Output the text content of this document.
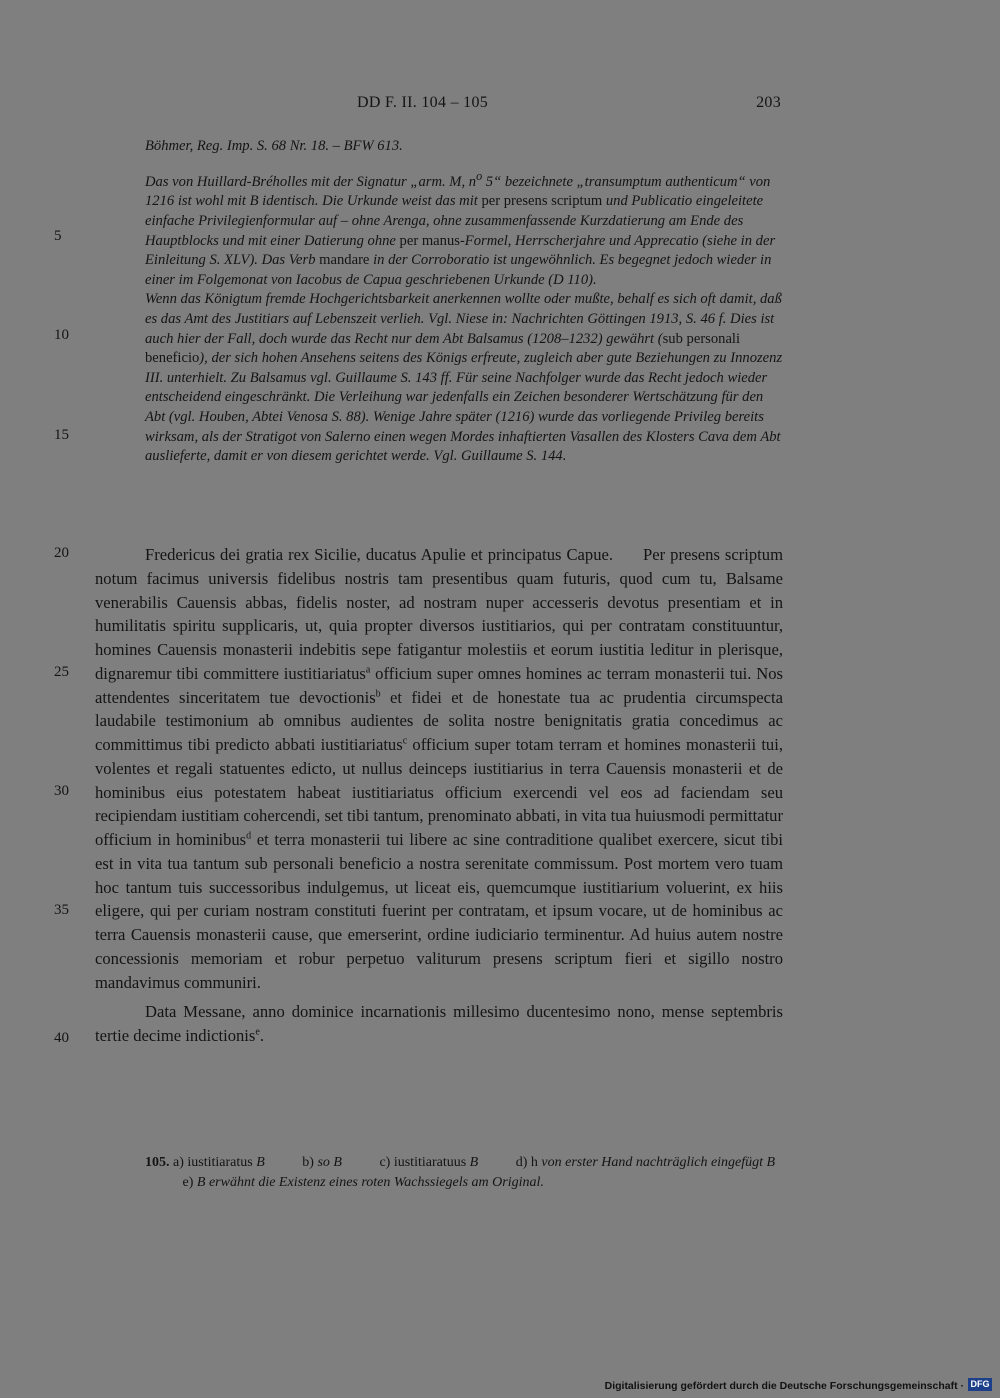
DD F. II. 104 – 105	203
Böhmer, Reg. Imp. S. 68 Nr. 18. – BFW 613.

Das von Huillard-Bréholles mit der Signatur „arm. M, $n^o$ 5“ bezeichnete „transumptum authenticum“ von 1216 ist wohl mit B identisch. Die Urkunde weist das mit per presens scriptum und Publicatio eingeleitete einfache Privilegienformular auf – ohne Arenga, ohne zusammenfassende Kurzdatierung am Ende des Hauptblocks und mit einer Datierung ohne per manus-Formel, Herrscherjahre und Apprecatio (siehe in der Einleitung S. XLV). Das Verb mandare in der Corroboratio ist ungewöhnlich. Es begegnet jedoch wieder in einer im Folgemonat von Iacobus de Capua geschriebenen Urkunde (D 110).

Wenn das Königtum fremde Hochgerichtsbarkeit anerkennen wollte oder mußte, behalf es sich oft damit, daß es das Amt des Justitiars auf Lebenszeit verlieh. Vgl. Niese in: Nachrichten Göttingen 1913, S. 46 f. Dies ist auch hier der Fall, doch wurde das Recht nur dem Abt Balsamus (1208–1232) gewährt (sub personali beneficio), der sich hohen Ansehens seitens des Königs erfreute, zugleich aber gute Beziehungen zu Innozenz III. unterhielt. Zu Balsamus vgl. Guillaume S. 143 ff. Für seine Nachfolger wurde das Recht jedoch wieder entscheidend eingeschränkt. Die Verleihung war jedenfalls ein Zeichen besonderer Wertschätzung für den Abt (vgl. Houben, Abtei Venosa S. 88). Wenige Jahre später (1216) wurde das vorliegende Privileg bereits wirksam, als der Stratigot von Salerno einen wegen Mordes inhaftierten Vasallen des Klosters Cava dem Abt auslieferte, damit er von diesem gerichtet werde. Vgl. Guillaume S. 144.

5
10
15
20
25
30
35
40

Fredericus dei gratia rex Sicilie, ducatus Apulie et principatus Capue.      Per presens scriptum notum facimus universis fidelibus nostris tam presentibus quam futuris, quod cum tu, Balsame venerabilis Cauensis abbas, fidelis noster, ad nostram nuper accesseris devotus presentiam et in humilitatis spiritu supplicaris, ut, quia propter diversos iustitiarios, qui per contratam constituuntur, homines Cauensis monasterii indebitis sepe fatigantur molestiis et eorum iustitia leditur in plerisque, dignaremur tibi committere iustitiariatus$^a$ officium super omnes homines ac terram monasterii tui. Nos attendentes sinceritatem tue devoctionis$^b$ et fidei et de honestate tua ac prudentia circumspecta laudabile testimonium ab omnibus audientes de solita nostre benignitatis gratia concedimus ac committimus tibi predicto abbati iustitiariatus$^c$ officium super totam terram et homines monasterii tui, volentes et regali statuentes edicto, ut nullus deinceps iustitiarius in terra Cauensis monasterii et de hominibus eius potestatem habeat iustitiariatus officium exercendi vel eos ad faciendam seu recipiendam iustitiam cohercendi, set tibi tantum, prenominato abbati, in vita tua huiusmodi permittatur officium in hominibus$^d$ et terra monasterii tui libere ac sine contraditione qualibet exercere, sicut tibi est in vita tua tantum sub personali beneficio a nostra serenitate commissum. Post mortem vero tuam hoc tantum tuis successoribus indulgemus, ut liceat eis, quemcumque iustitiarium voluerint, ex hiis eligere, qui per curiam nostram constituti fuerint per contratam, et ipsum vocare, ut de hominibus ac terra Cauensis monasterii cause, que emerserint, ordine iudiciario terminentur. Ad huius autem nostre concessionis memoriam et robur perpetuo valiturum presens scriptum fieri et sigillo nostro mandavimus communiri.

Data Messane, anno dominice incarnationis millesimo ducentesimo nono, mense septembris tertie decime indictionis$^e$.

105. a) iustitiaratus B	b) so B	c) iustitiaratuus B	d) h von erster Hand nachträglich eingefügt B e) B erwähnt die Existenz eines roten Wachssiegels am Original.
Digitalisierung gefördert durch die Deutsche Forschungsgemeinschaft · DFG
